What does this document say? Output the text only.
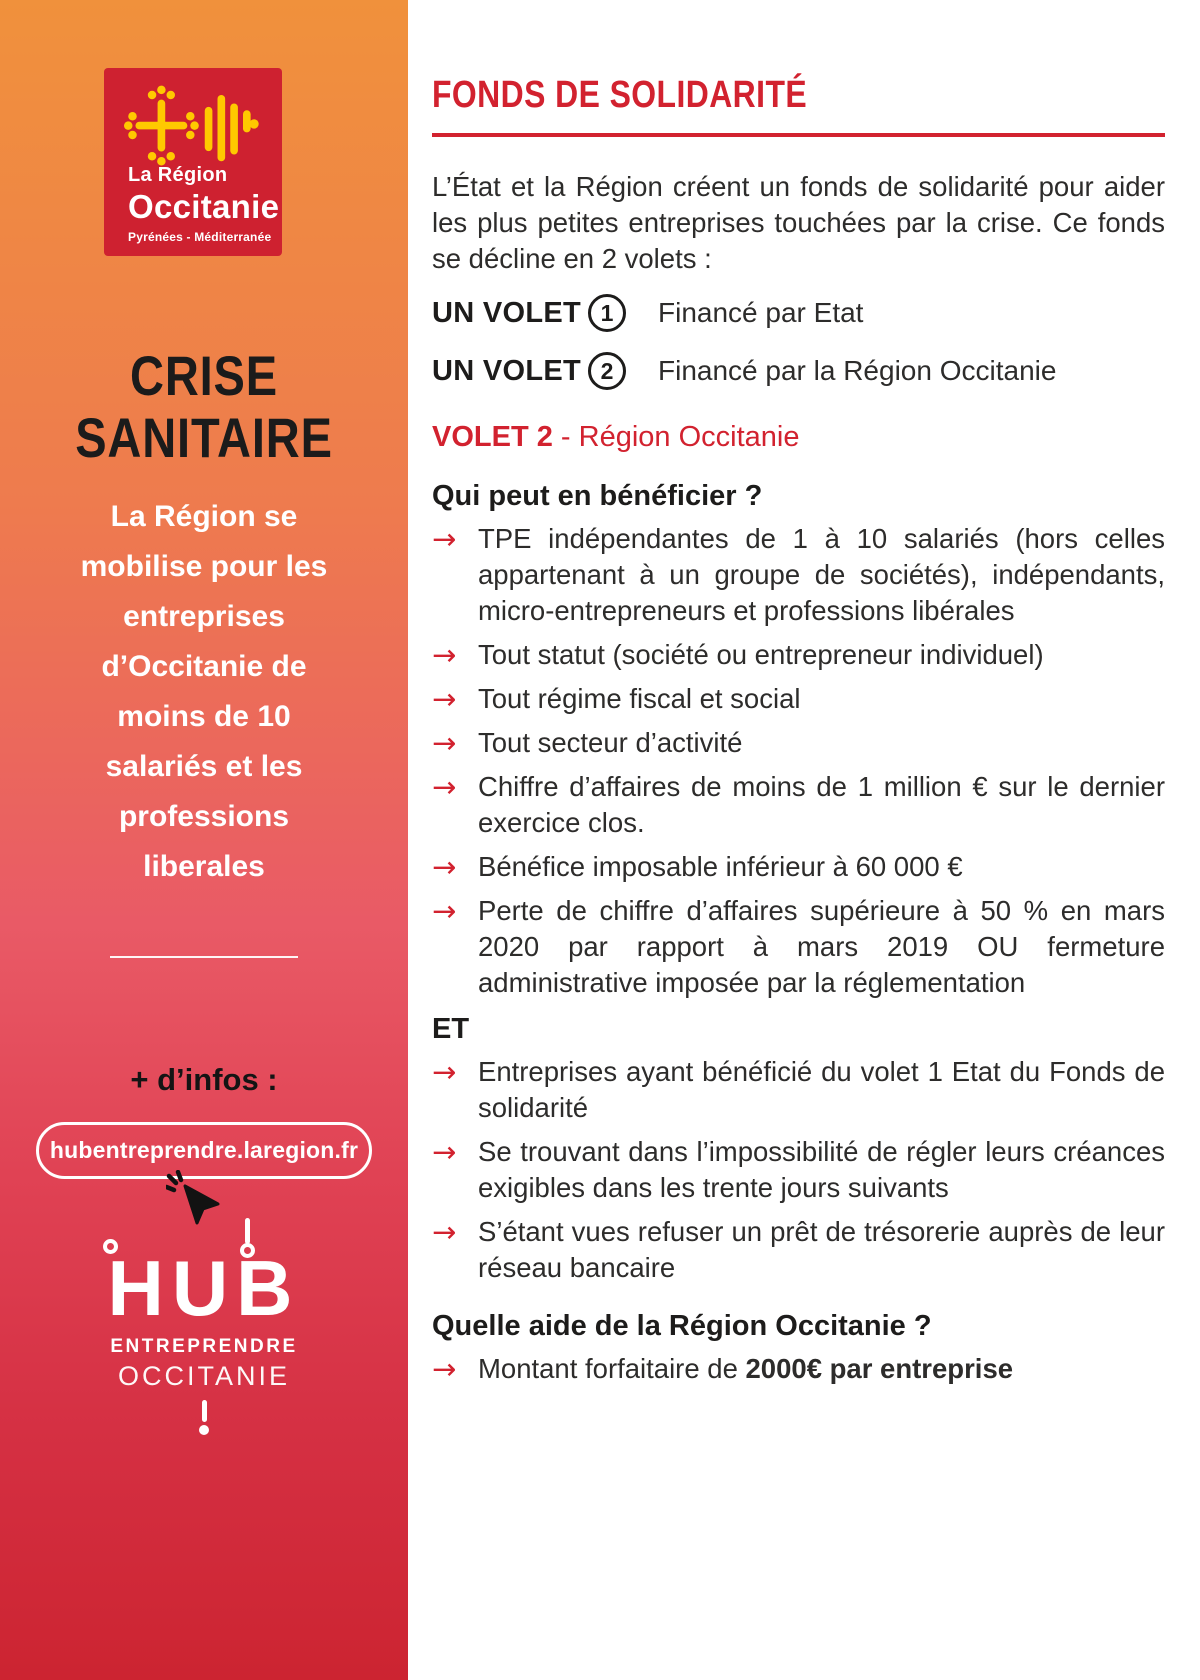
La Région
Occitanie
Pyrénées - Méditerranée
CRISE
SANITAIRE

La Région se mobilise pour les entreprises d’Occitanie de moins de 10 salariés et les professions liberales

+ d’infos :
hubentreprendre.laregion.fr
HUB
ENTREPRENDRE
OCCITANIE
FONDS DE SOLIDARITÉ

L’État et la Région créent un fonds de solidarité pour aider les plus petites entreprises touchées par la crise. Ce fonds se décline en 2 volets :

UN VOLET 1	Financé par Etat
UN VOLET 2	Financé par la Région Occitanie
VOLET 2 - Région Occitanie
Qui peut en bénéficier ?
→ TPE indépendantes de 1 à 10 salariés (hors celles appartenant à un groupe de sociétés), indépendants, micro-entrepreneurs et professions libérales
→ Tout statut (société ou entrepreneur individuel)
→ Tout régime fiscal et social
→ Tout secteur d’activité
→ Chiffre d’affaires de moins de 1 million € sur le dernier exercice clos.
→ Bénéfice imposable inférieur à 60 000 €
→ Perte de chiffre d’affaires supérieure à 50 % en mars 2020 par rapport à mars 2019 OU fermeture administrative imposée par la réglementation
ET
→ Entreprises ayant bénéficié du volet 1 Etat du Fonds de solidarité
→ Se trouvant dans l’impossibilité de régler leurs créances exigibles dans les trente jours suivants
→ S’étant vues refuser un prêt de trésorerie auprès de leur réseau bancaire
Quelle aide de la Région Occitanie ?
→ Montant forfaitaire de 2000€ par entreprise
